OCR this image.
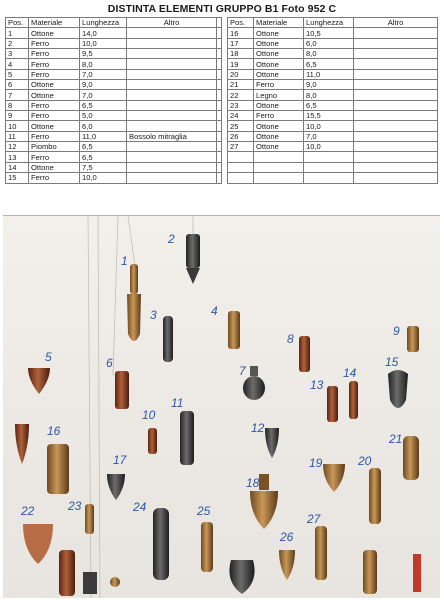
DISTINTA ELEMENTI GRUPPO B1 Foto 952 C
Pos.	Materiale	Lunghezza	Altro	
1	Ottone	14,0		
2	Ferro	10,0		
3	Ferro	9,5		
4	Ferro	8,0		
5	Ferro	7,0		
6	Ottone	9,0		
7	Ottone	7,0		
8	Ferro	6,5		
9	Ferro	5,0		
10	Ottone	6,0		
11	Ferro	11,0	Bossolo mitraglia	
12	Piombo	6,5		
13	Ferro	6,5		
14	Ottone	7,5		
15	Ferro	10,0		
Pos.	Materiale	Lunghezza	Altro
16	Ottone	10,5	
17	Ottone	6,0	
18	Ottone	8,0	
19	Ottone	6,5	
20	Ottone	11,0	
21	Ferro	9,0	
22	Legno	8,0	
23	Ottone	6,5	
24	Ferro	15,5	
25	Ottone	10,0	
26	Ottone	7,0	
27	Ottone	10,0	

1
2
3	4
5	6
7
8
9
10
11
12
13
14
15
16
17
18
19	20
21
22	23	24	25
26
27
